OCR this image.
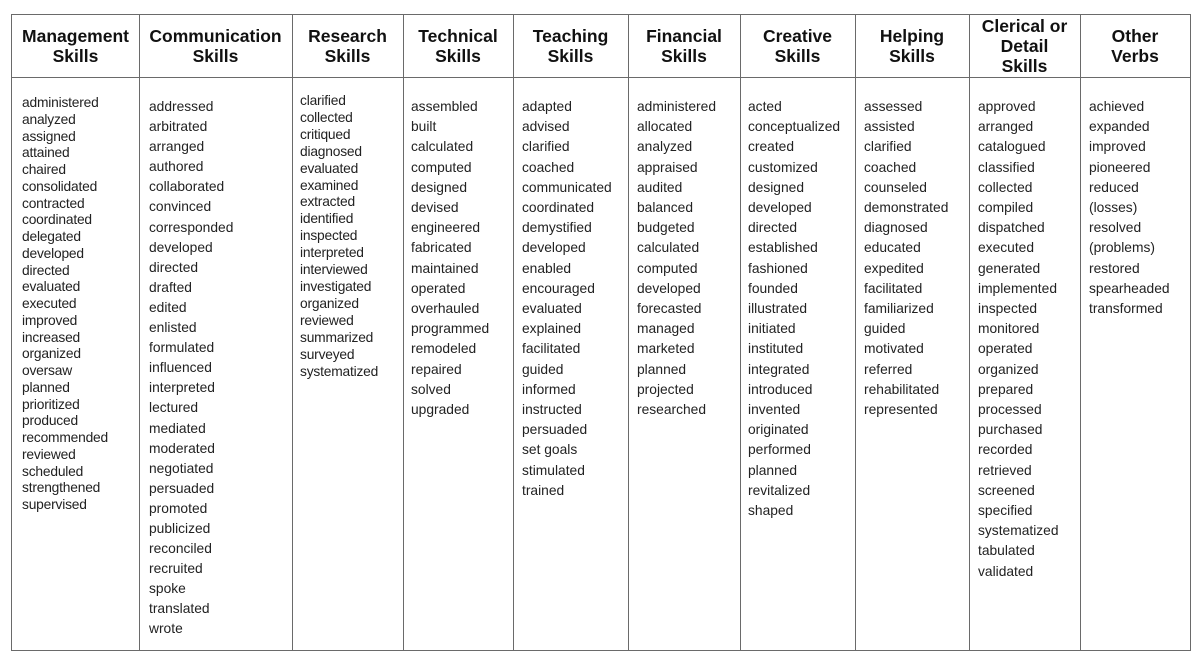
Management
Skills
Communication
Skills
Research
Skills
Technical
Skills
Teaching
Skills
Financial
Skills
Creative
Skills
Helping
Skills
Clerical or
Detail
Skills
Other
Verbs
administered
analyzed
assigned
attained
chaired
consolidated
contracted
coordinated
delegated
developed
directed
evaluated
executed
improved
increased
organized
oversaw
planned
prioritized
produced
recommended
reviewed
scheduled
strengthened
supervised
addressed
arbitrated
arranged
authored
collaborated
convinced
corresponded
developed
directed
drafted
edited
enlisted
formulated
influenced
interpreted
lectured
mediated
moderated
negotiated
persuaded
promoted
publicized
reconciled
recruited
spoke
translated
wrote
clarified
collected
critiqued
diagnosed
evaluated
examined
extracted
identified
inspected
interpreted
interviewed
investigated
organized
reviewed
summarized
surveyed
systematized
assembled
built
calculated
computed
designed
devised
engineered
fabricated
maintained
operated
overhauled
programmed
remodeled
repaired
solved
upgraded
adapted
advised
clarified
coached
communicated
coordinated
demystified
developed
enabled
encouraged
evaluated
explained
facilitated
guided
informed
instructed
persuaded
set goals
stimulated
trained
administered
allocated
analyzed
appraised
audited
balanced
budgeted
calculated
computed
developed
forecasted
managed
marketed
planned
projected
researched
acted
conceptualized
created
customized
designed
developed
directed
established
fashioned
founded
illustrated
initiated
instituted
integrated
introduced
invented
originated
performed
planned
revitalized
shaped
assessed
assisted
clarified
coached
counseled
demonstrated
diagnosed
educated
expedited
facilitated
familiarized
guided
motivated
referred
rehabilitated
represented
approved
arranged
catalogued
classified
collected
compiled
dispatched
executed
generated
implemented
inspected
monitored
operated
organized
prepared
processed
purchased
recorded
retrieved
screened
specified
systematized
tabulated
validated
achieved
expanded
improved
pioneered
reduced
(losses)
resolved
(problems)
restored
spearheaded
transformed
